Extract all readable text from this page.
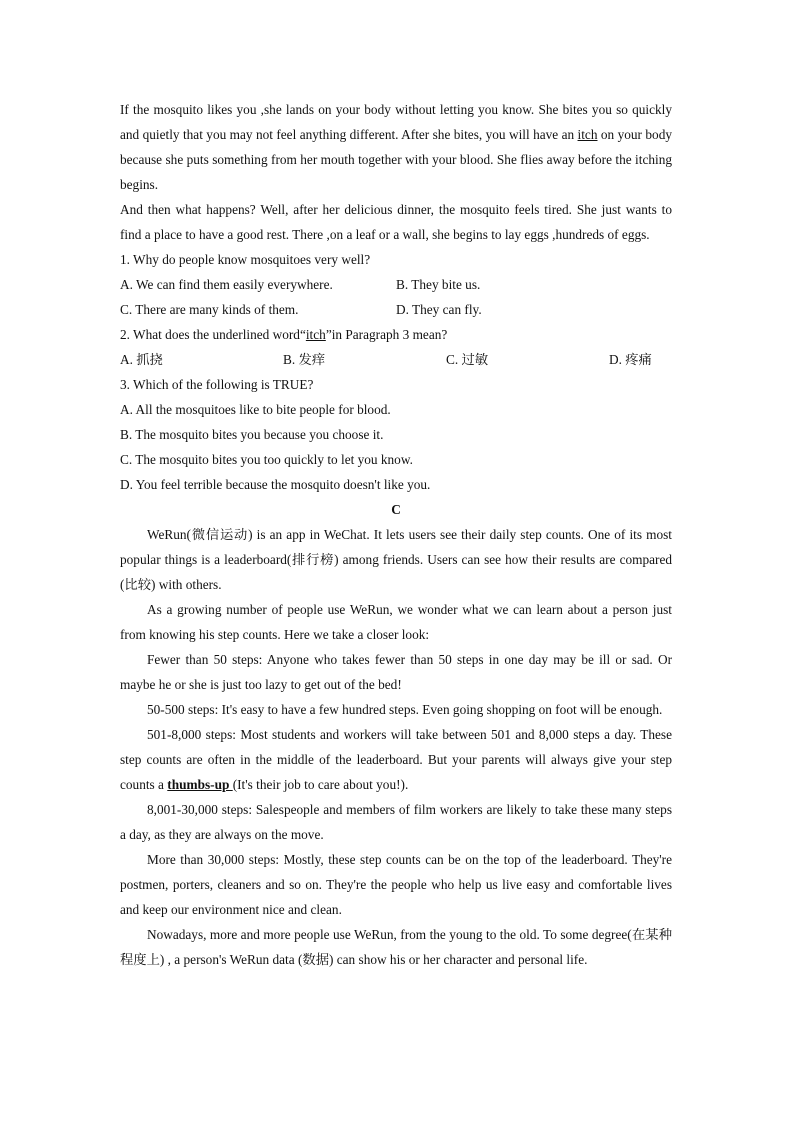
If the mosquito likes you ,she lands on your body without letting you know. She bites you so quickly and quietly that you may not feel anything different. After she bites, you will have an itch on your body because she puts something from her mouth together with your blood. She flies away before the itching begins.

And then what happens? Well, after her delicious dinner, the mosquito feels tired. She just wants to find a place to have a good rest. There ,on a leaf or a wall, she begins to lay eggs ,hundreds of eggs.

1. Why do people know mosquitoes very well?

A. We can find them easily everywhere.	B. They bite us.
C. There are many kinds of them.	D. They can fly.

2. What does the underlined word“itch”in Paragraph 3 mean?

A. 抓挠	B. 发痒	C. 过敏	D. 疼痛

3. Which of the following is TRUE?

A. All the mosquitoes like to bite people for blood.

B. The mosquito bites you because you choose it.

C. The mosquito bites you too quickly to let you know.

D. You feel terrible because the mosquito doesn't like you.

C

WeRun(微信运动) is an app in WeChat. It lets users see their daily step counts. One of its most popular things is a leaderboard(排行榜) among friends. Users can see how their results are compared (比较) with others.

As a growing number of people use WeRun, we wonder what we can learn about a person just from knowing his step counts. Here we take a closer look:

Fewer than 50 steps: Anyone who takes fewer than 50 steps in one day may be ill or sad. Or maybe he or she is just too lazy to get out of the bed!

50-500 steps: It's easy to have a few hundred steps. Even going shopping on foot will be enough.

501-8,000 steps: Most students and workers will take between 501 and 8,000 steps a day. These step counts are often in the middle of the leaderboard. But your parents will always give your step counts a thumbs-up (It's their job to care about you!).

8,001-30,000 steps: Salespeople and members of film workers are likely to take these many steps a day, as they are always on the move.

More than 30,000 steps: Mostly, these step counts can be on the top of the leaderboard. They're postmen, porters, cleaners and so on. They're the people who help us live easy and comfortable lives and keep our environment nice and clean.

Nowadays, more and more people use WeRun, from the young to the old. To some degree(在某种程度上) , a person's WeRun data (数据) can show his or her character and personal life.
